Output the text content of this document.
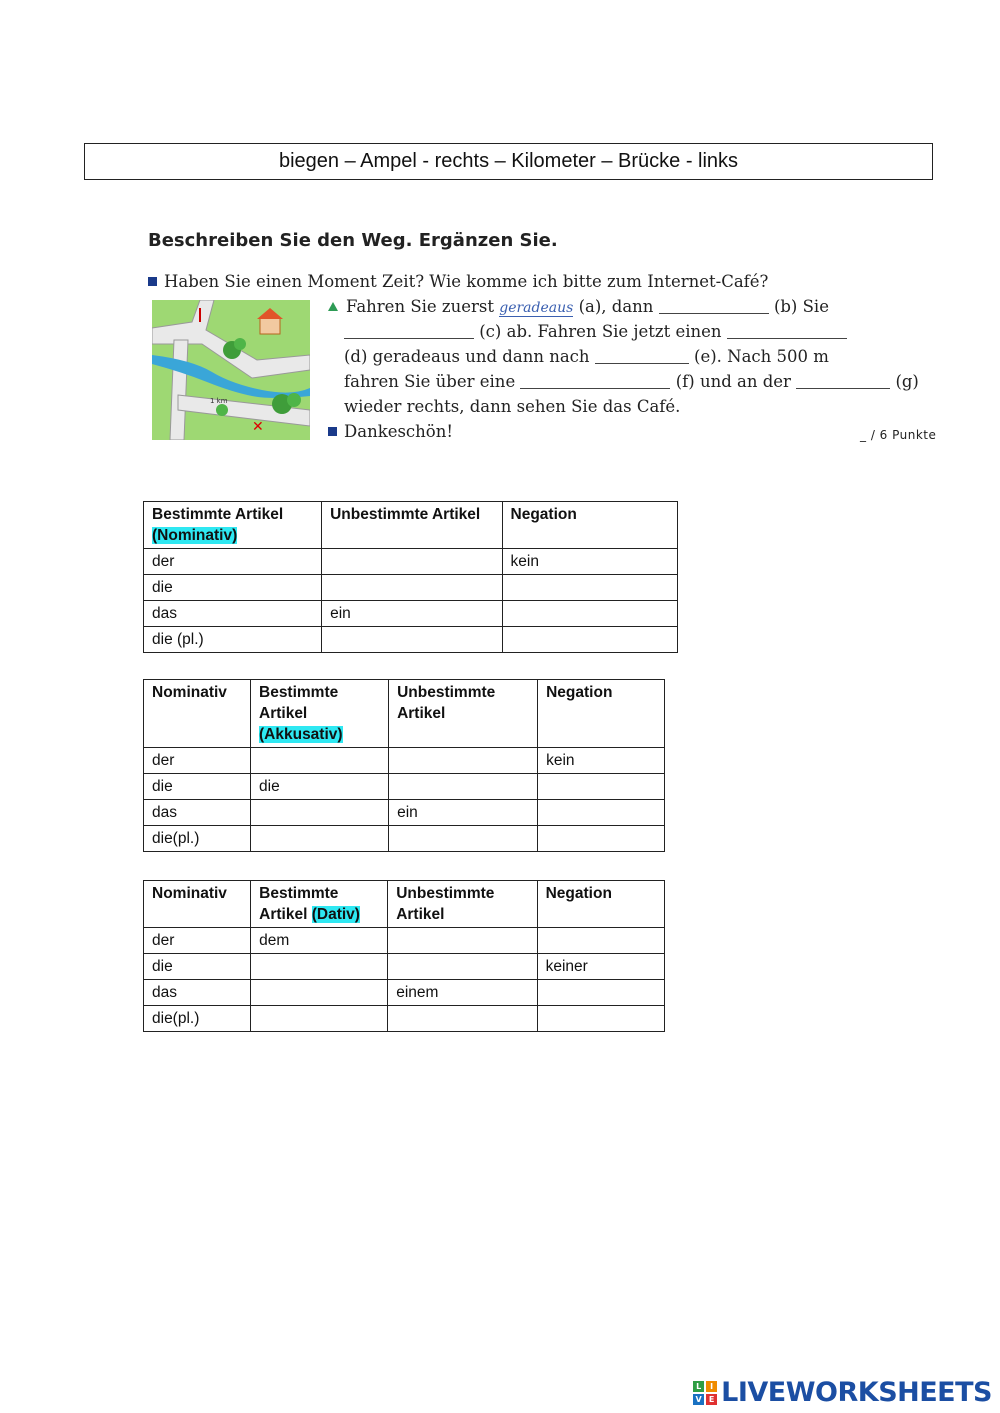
biegen – Ampel - rechts – Kilometer – Brücke - links
Beschreiben Sie den Weg. Ergänzen Sie.
Haben Sie einen Moment Zeit? Wie komme ich bitte zum Internet-Café?
✕
1 km
Fahren Sie zuerst geradeaus (a), dann	(b) Sie
(c) ab. Fahren Sie jetzt einen
(d) geradeaus und dann nach	(e). Nach 500 m
fahren Sie über eine	(f) und an der	(g)
wieder rechts, dann sehen Sie das Café.
Dankeschön!	_ / 6 Punkte
Bestimmte Artikel (Nominativ)	Unbestimmte Artikel	Negation
der		kein
die		
das	ein	
die (pl.)		
Nominativ	Bestimmte Artikel (Akkusativ)	Unbestimmte Artikel	Negation
der			kein
die	die		
das		ein	
die(pl.)			
Nominativ	Bestimmte Artikel (Dativ)	Unbestimmte Artikel	Negation
der	dem		
die			keiner
das		einem	
die(pl.)			
L	I
V E LIVEWORKSHEETS
